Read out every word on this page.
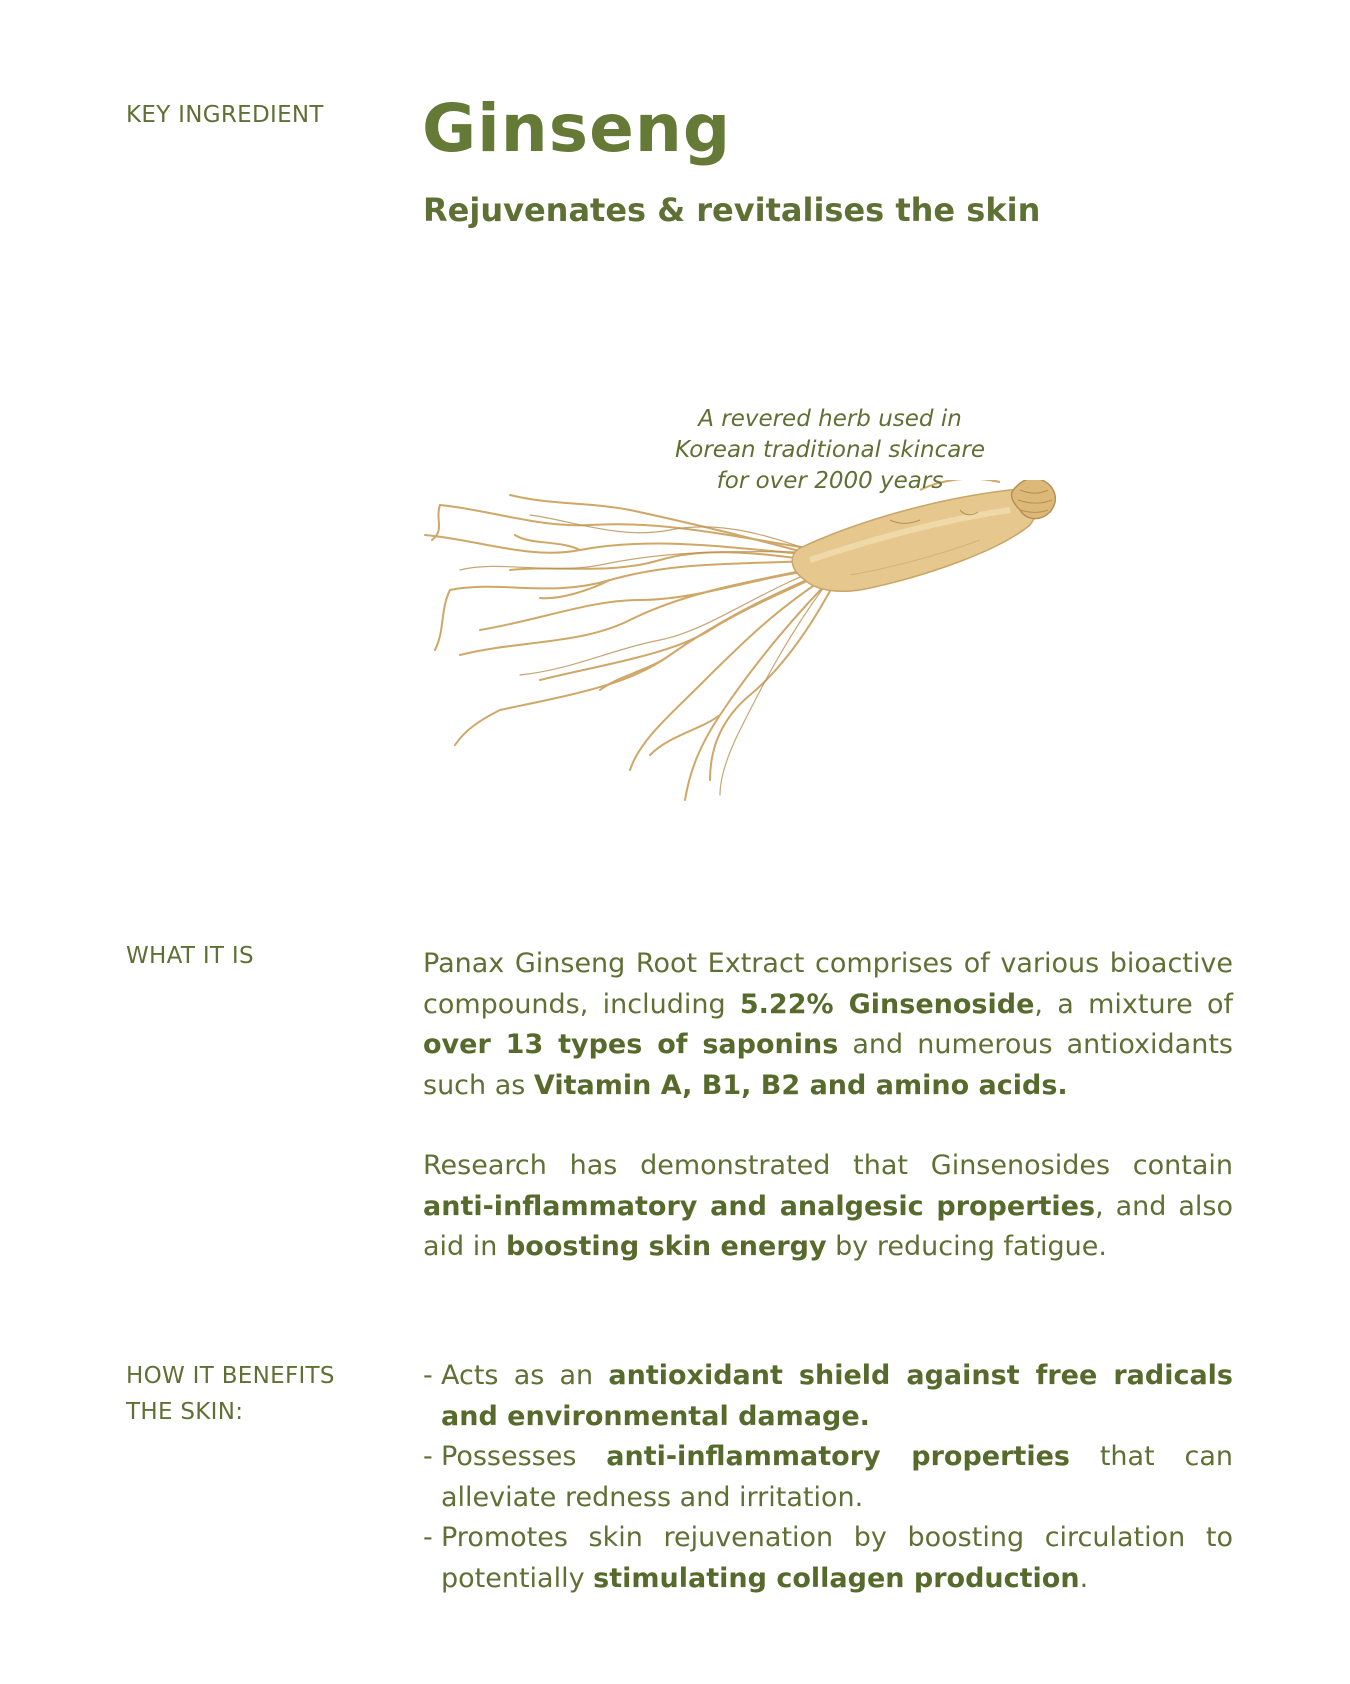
KEY INGREDIENT Ginseng
Rejuvenates & revitalises the skin
A revered herb used in
Korean traditional skincare
for over 2000 years
WHAT IT IS	Panax Ginseng Root Extract comprises of various bioactive compounds, including 5.22% Ginsenoside, a mixture of over 13 types of saponins and numerous antioxidants such as Vitamin A, B1, B2 and amino acids.

Research has demonstrated that Ginsenosides contain anti-inflammatory and analgesic properties, and also aid in boosting skin energy by reducing fatigue.

HOW IT BENEFITS
THE SKIN:
- Acts as an antioxidant shield against free radicals and environmental damage.
- Possesses anti-inflammatory properties that can alleviate redness and irritation.
- Promotes skin rejuvenation by boosting circulation to potentially stimulating collagen production.
